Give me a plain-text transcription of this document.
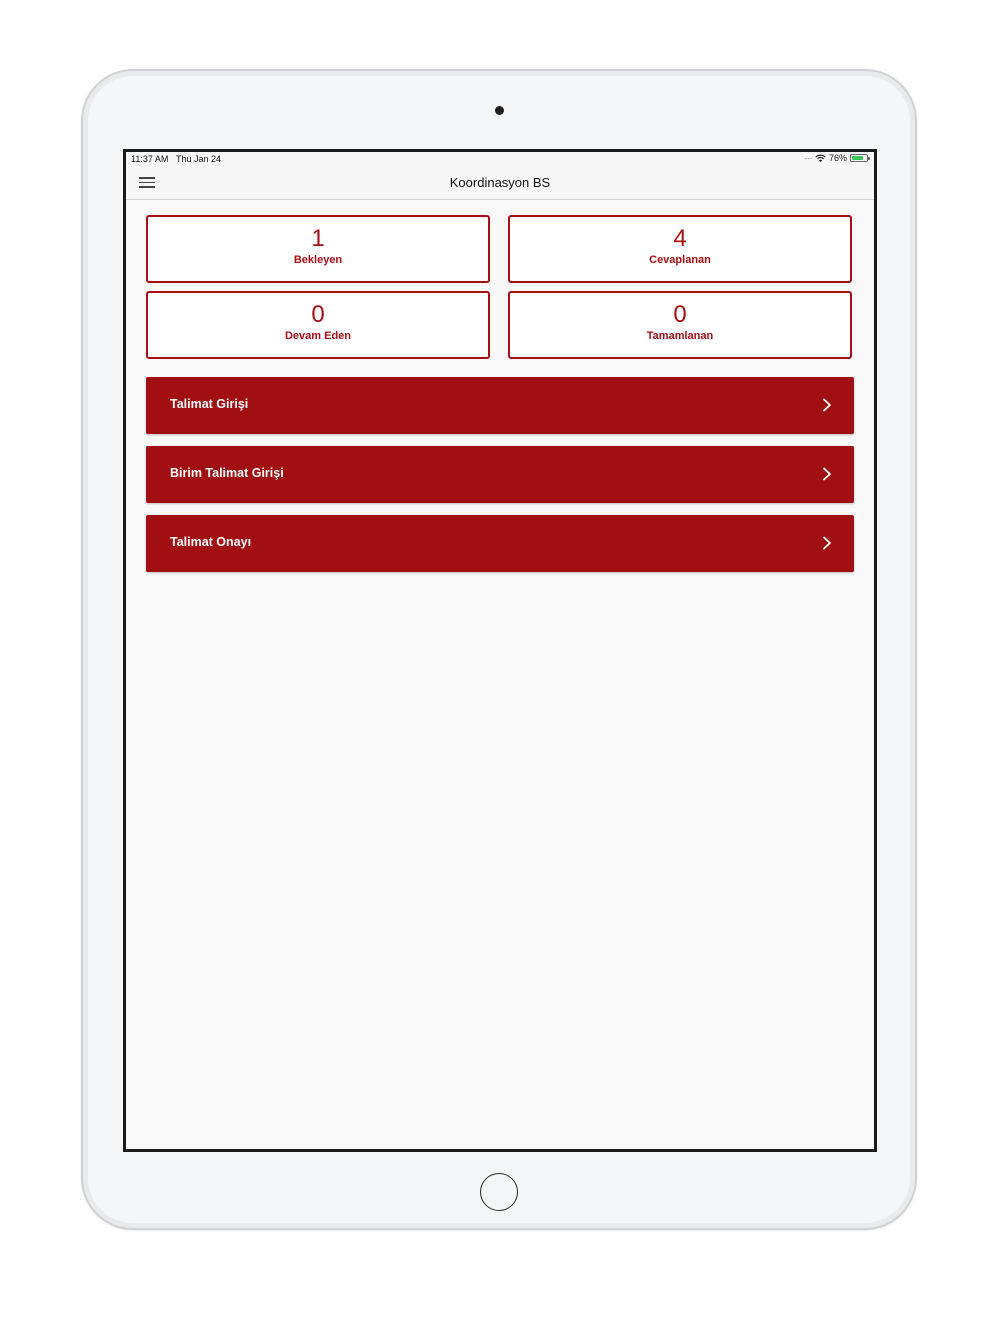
11:37 AM Thu Jan 24	····· 76%
Koordinasyon BS
1
Bekleyen
4
Cevaplanan
0
Devam Eden
0
Tamamlanan
Talimat Girişi
Birim Talimat Girişi
Talimat Onayı
